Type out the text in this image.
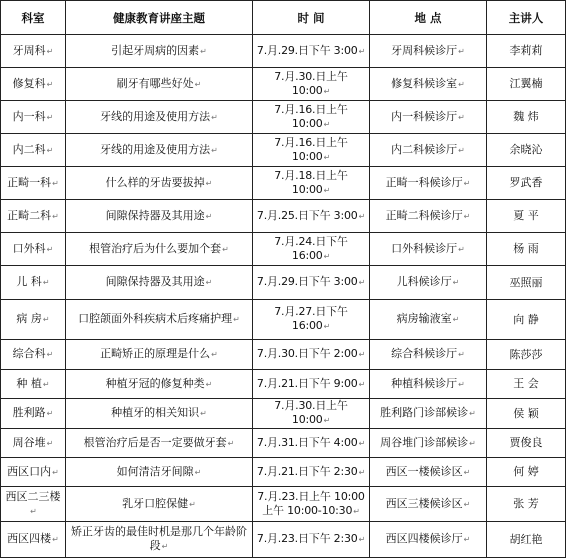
科室	健康教育讲座主题	时 间	地 点	主讲人
牙周科↵	引起牙周病的因素↵	7.月.29.日下午 3:00↵	牙周科候诊厅↵	李莉莉
修复科↵	刷牙有哪些好处↵	7.月.30.日上午 10:00↵	修复科候诊室↵	江翼楠
内一科↵	牙线的用途及使用方法↵	7.月.16.日上午 10:00↵	内一科候诊厅↵	魏 炜
内二科↵	牙线的用途及使用方法↵	7.月.16.日上午 10:00↵	内二科候诊厅↵	余晓沁
正畸一科↵	什么样的牙齿要拔掉↵	7.月.18.日上午 10:00↵	正畸一科候诊厅↵	罗武香
正畸二科↵	间隙保持器及其用途↵	7.月.25.日下午 3:00↵	正畸二科候诊厅↵	夏 平
口外科↵	根管治疗后为什么要加个套↵	7.月.24.日下午 16:00↵	口外科候诊厅↵	杨 雨
儿 科↵	间隙保持器及其用途↵	7.月.29.日下午 3:00↵	儿科候诊厅↵	巫照丽
病 房↵	口腔颌面外科疾病术后疼痛护理↵	7.月.27.日下午 16:00↵	病房输液室↵	向 静
综合科↵	正畸矫正的原理是什么↵	7.月.30.日下午 2:00↵	综合科候诊厅↵	陈莎莎
种 植↵	种植牙冠的修复种类↵	7.月.21.日下午 9:00↵	种植科候诊厅↵	王 会
胜利路↵	种植牙的相关知识↵	7.月.30.日上午 10:00↵	胜利路门诊部候诊↵	侯 颖
周谷堆↵	根管治疗后是否一定要做牙套↵	7.月.31.日下午 4:00↵	周谷堆门诊部候诊↵	贾俊良
西区口内↵	如何清洁牙间隙↵	7.月.21.日下午 2:30↵	西区一楼候诊区↵	何 婷
西区二三楼↵	乳牙口腔保健↵	7.月.23.日上午 10:00上午 10:00-10:30↵	西区三楼候诊区↵	张 芳
西区四楼↵	矫正牙齿的最佳时机是那几个年龄阶段↵	7.月.23.日下午 2:30↵	西区四楼候诊厅↵	胡红艳
